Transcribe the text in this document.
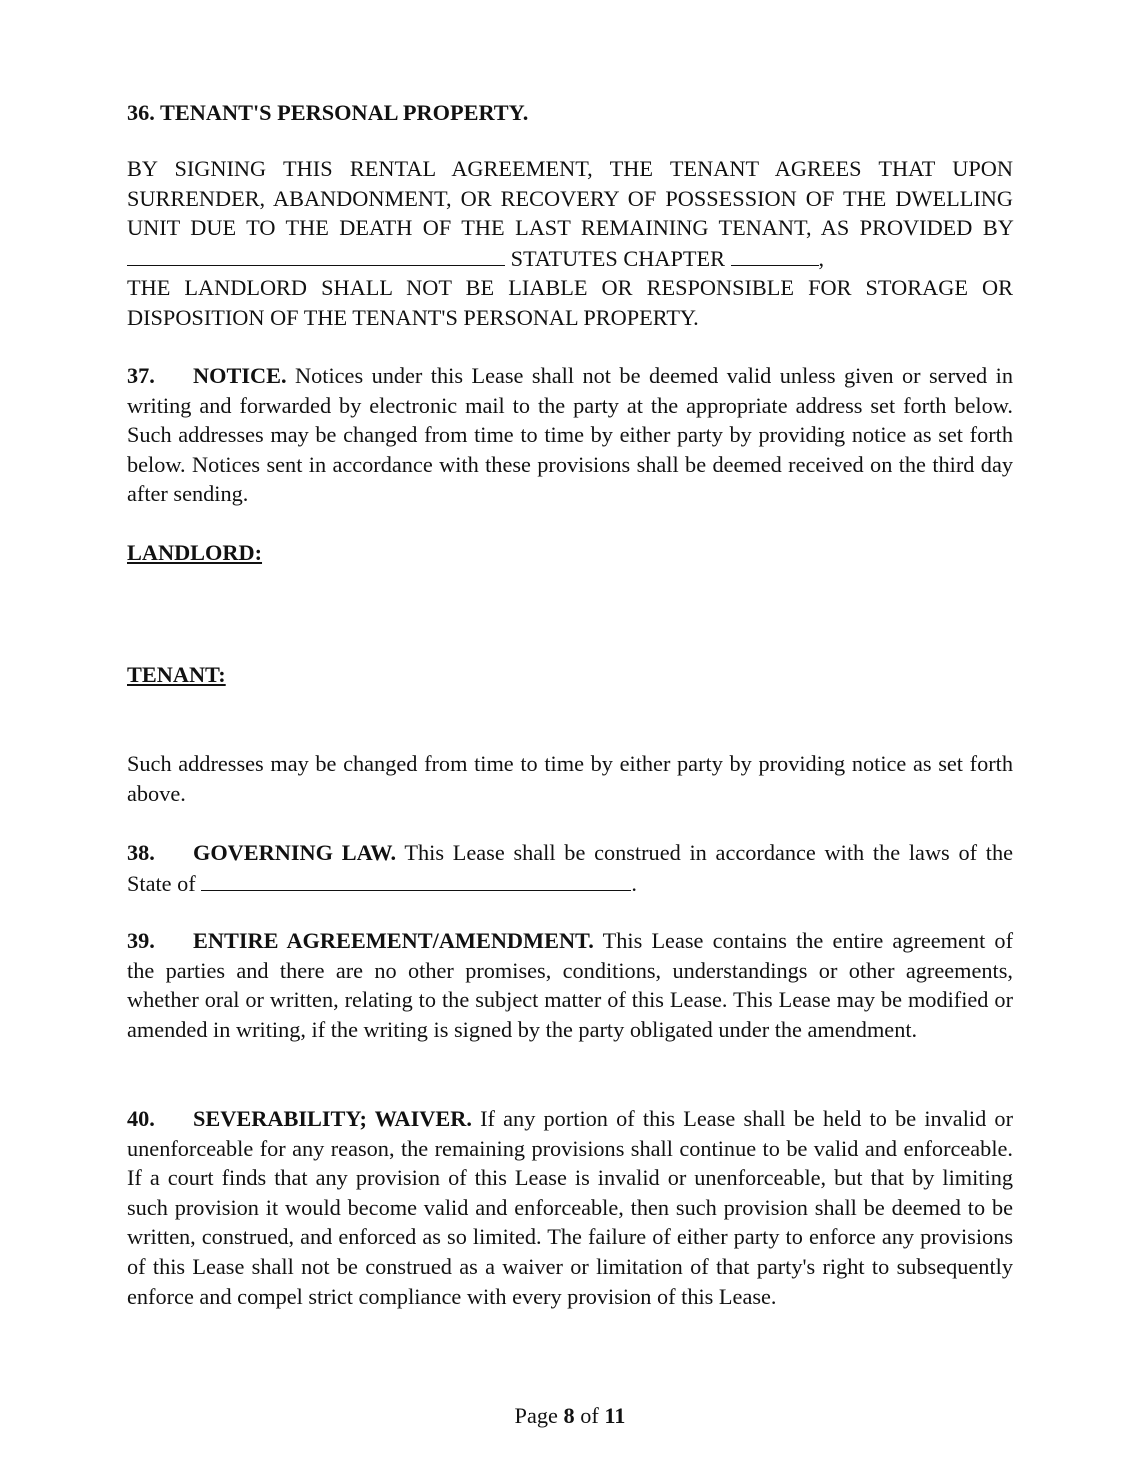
36. TENANT'S PERSONAL PROPERTY.
BY SIGNING THIS RENTAL AGREEMENT, THE TENANT AGREES THAT UPON SURRENDER, ABANDONMENT, OR RECOVERY OF POSSESSION OF THE DWELLING UNIT DUE TO THE DEATH OF THE LAST REMAINING TENANT, AS PROVIDED BY  STATUTES CHAPTER	,
THE LANDLORD SHALL NOT BE LIABLE OR RESPONSIBLE FOR STORAGE OR DISPOSITION OF THE TENANT'S PERSONAL PROPERTY.
37. NOTICE. Notices under this Lease shall not be deemed valid unless given or served in writing and forwarded by electronic mail to the party at the appropriate address set forth below. Such addresses may be changed from time to time by either party by providing notice as set forth below. Notices sent in accordance with these provisions shall be deemed received on the third day after sending.
LANDLORD:
TENANT:
Such addresses may be changed from time to time by either party by providing notice as set forth above.
38. GOVERNING LAW. This Lease shall be construed in accordance with the laws of the State of	.
39. ENTIRE AGREEMENT/AMENDMENT. This Lease contains the entire agreement of the parties and there are no other promises, conditions, understandings or other agreements, whether oral or written, relating to the subject matter of this Lease. This Lease may be modified or amended in writing, if the writing is signed by the party obligated under the amendment.
40. SEVERABILITY; WAIVER. If any portion of this Lease shall be held to be invalid or unenforceable for any reason, the remaining provisions shall continue to be valid and enforceable. If a court finds that any provision of this Lease is invalid or unenforceable, but that by limiting such provision it would become valid and enforceable, then such provision shall be deemed to be written, construed, and enforced as so limited. The failure of either party to enforce any provisions of this Lease shall not be construed as a waiver or limitation of that party's right to subsequently enforce and compel strict compliance with every provision of this Lease.
Page 8 of 11
